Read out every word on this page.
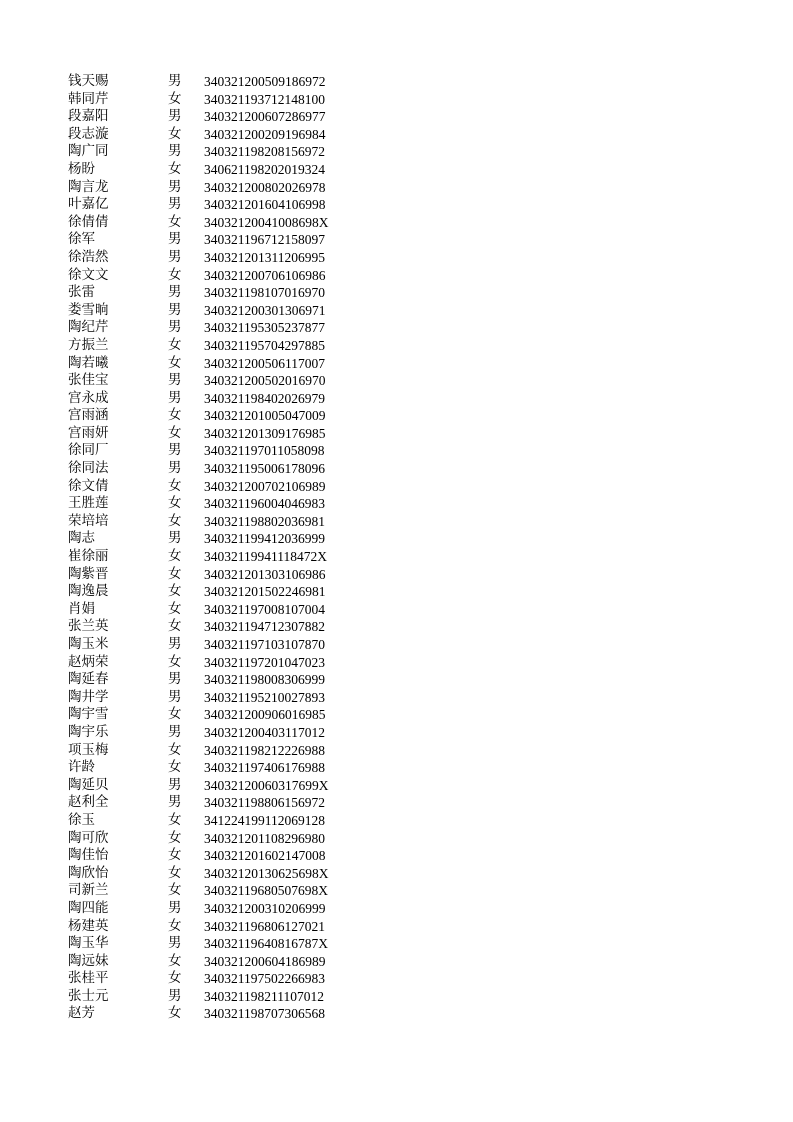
钱天赐	男	340321200509186972
韩同芹	女	340321193712148100
段嘉阳	男	340321200607286977
段志漩	女	340321200209196984
陶广同	男	340321198208156972
杨盼	女	340621198202019324
陶言龙	男	340321200802026978
叶嘉亿	男	340321201604106998
徐倩倩	女	34032120041008698X
徐军	男	340321196712158097
徐浩然	男	340321201311206995
徐文文	女	340321200706106986
张雷	男	340321198107016970
娄雪晌	男	340321200301306971
陶纪芹	男	340321195305237877
方振兰	女	340321195704297885
陶若曦	女	340321200506117007
张佳宝	男	340321200502016970
宫永成	男	340321198402026979
宫雨涵	女	340321201005047009
宫雨妍	女	340321201309176985
徐同厂	男	340321197011058098
徐同法	男	340321195006178096
徐文倩	女	340321200702106989
王胜莲	女	340321196004046983
荣培培	女	340321198802036981
陶志	男	340321199412036999
崔徐丽	女	34032119941118472X
陶紫晋	女	340321201303106986
陶逸晨	女	340321201502246981
肖娟	女	340321197008107004
张兰英	女	340321194712307882
陶玉米	男	340321197103107870
赵炳荣	女	340321197201047023
陶延春	男	340321198008306999
陶井学	男	340321195210027893
陶宇雪	女	340321200906016985
陶宇乐	男	340321200403117012
项玉梅	女	340321198212226988
许龄	女	340321197406176988
陶延贝	男	34032120060317699X
赵利全	男	340321198806156972
徐玉	女	341224199112069128
陶可欣	女	340321201108296980
陶佳怡	女	340321201602147008
陶欣怡	女	34032120130625698X
司新兰	女	34032119680507698X
陶四能	男	340321200310206999
杨建英	女	340321196806127021
陶玉华	男	34032119640816787X
陶远妹	女	340321200604186989
张桂平	女	340321197502266983
张士元	男	340321198211107012
赵芳	女	340321198707306568
